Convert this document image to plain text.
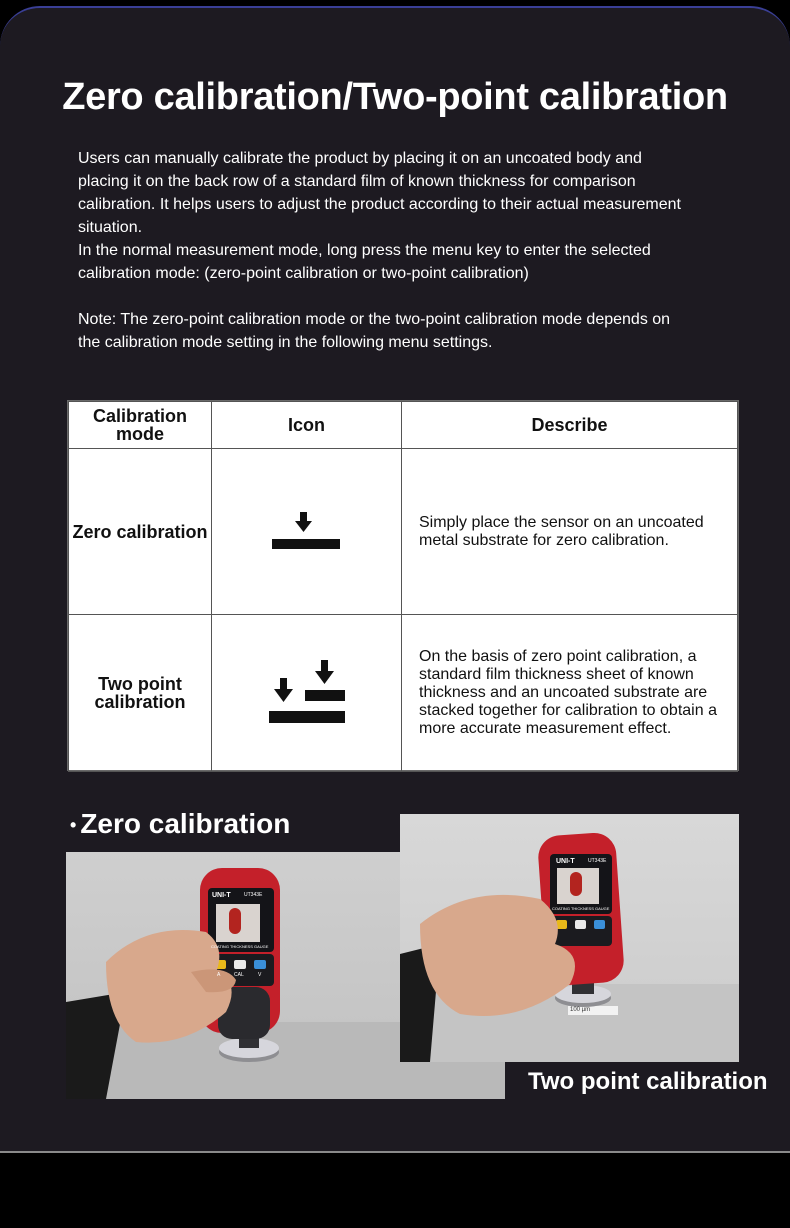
Zero calibration/Two-point calibration

Users can manually calibrate the product by placing it on an uncoated body and

placing it on the back row of a standard film of known thickness for comparison

calibration. It helps users to adjust the product according to their actual measurement

situation.

In the normal measurement mode, long press the menu key to enter the selected

calibration mode: (zero-point calibration or two-point calibration)

Note: The zero-point calibration mode or the two-point calibration mode depends on

the calibration mode setting in the following menu settings.

Calibration mode	Icon	Describe
Zero calibration		Simply place the sensor on an uncoated metal substrate for zero calibration.
Two point calibration		On the basis of zero point calibration, a standard film thickness sheet of known thickness and an uncoated substrate are stacked together for calibration to obtain a more accurate measurement effect.
• Zero calibration
UNI-T	UT343E
COATING THICKNESS GAUGE
A	CAL	V
UNI-T	UT343E
COATING THICKNESS GAUGE
100 µm
Two point calibration
